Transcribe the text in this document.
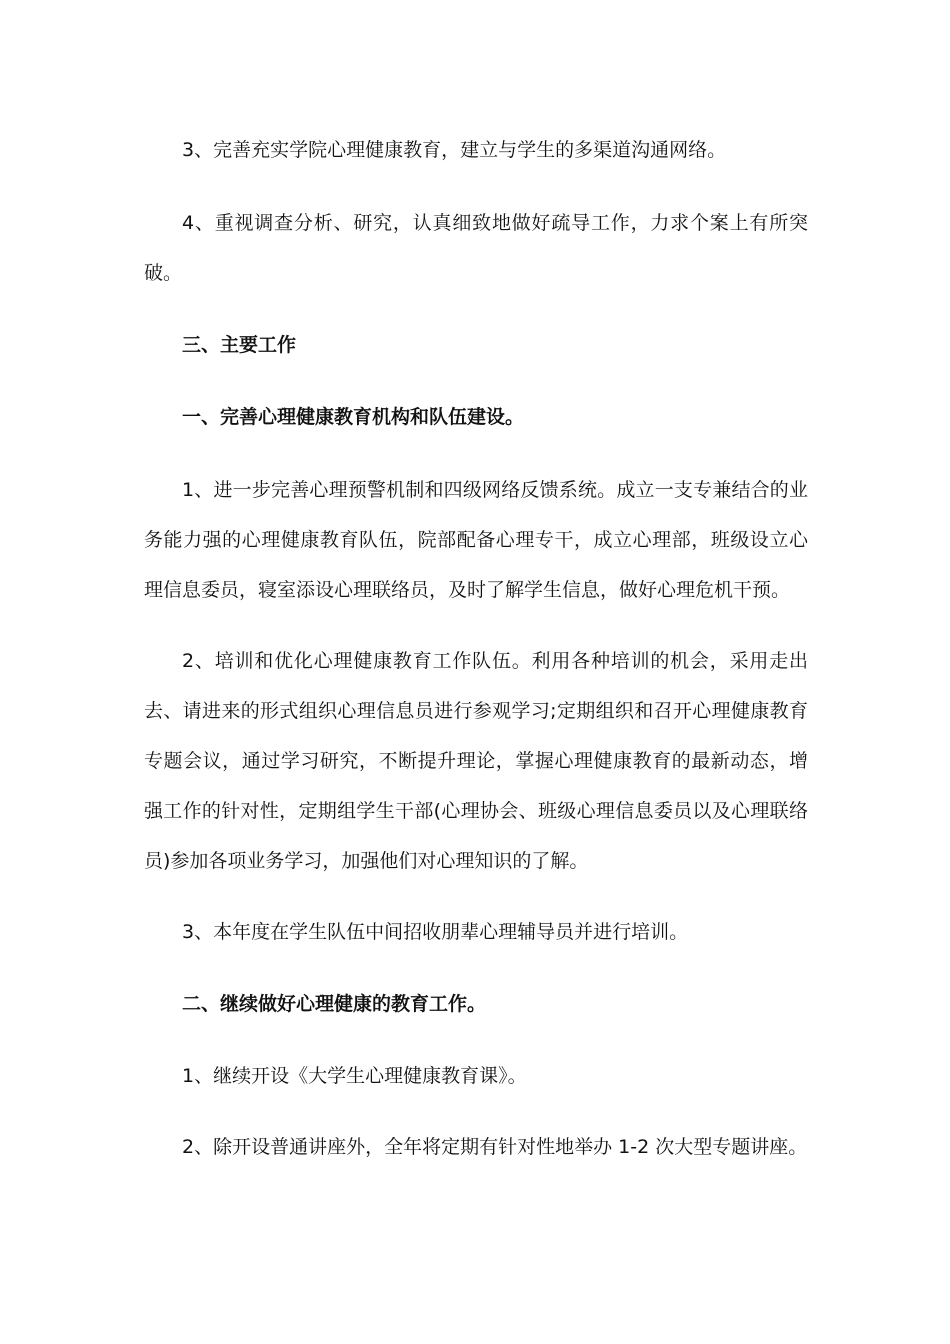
3、完善充实学院心理健康教育，建立与学生的多渠道沟通网络。

4、重视调查分析、研究，认真细致地做好疏导工作，力求个案上有所突破。

三、主要工作

一、完善心理健康教育机构和队伍建设。

1、进一步完善心理预警机制和四级网络反馈系统。成立一支专兼结合的业务能力强的心理健康教育队伍，院部配备心理专干，成立心理部，班级设立心理信息委员，寝室添设心理联络员，及时了解学生信息，做好心理危机干预。

2、培训和优化心理健康教育工作队伍。利用各种培训的机会，采用走出去、请进来的形式组织心理信息员进行参观学习;定期组织和召开心理健康教育专题会议，通过学习研究，不断提升理论，掌握心理健康教育的最新动态，增强工作的针对性，定期组学生干部(心理协会、班级心理信息委员以及心理联络员)参加各项业务学习，加强他们对心理知识的了解。

3、本年度在学生队伍中间招收朋辈心理辅导员并进行培训。

二、继续做好心理健康的教育工作。

1、继续开设《大学生心理健康教育课》。

2、除开设普通讲座外，全年将定期有针对性地举办 1-2 次大型专题讲座。
